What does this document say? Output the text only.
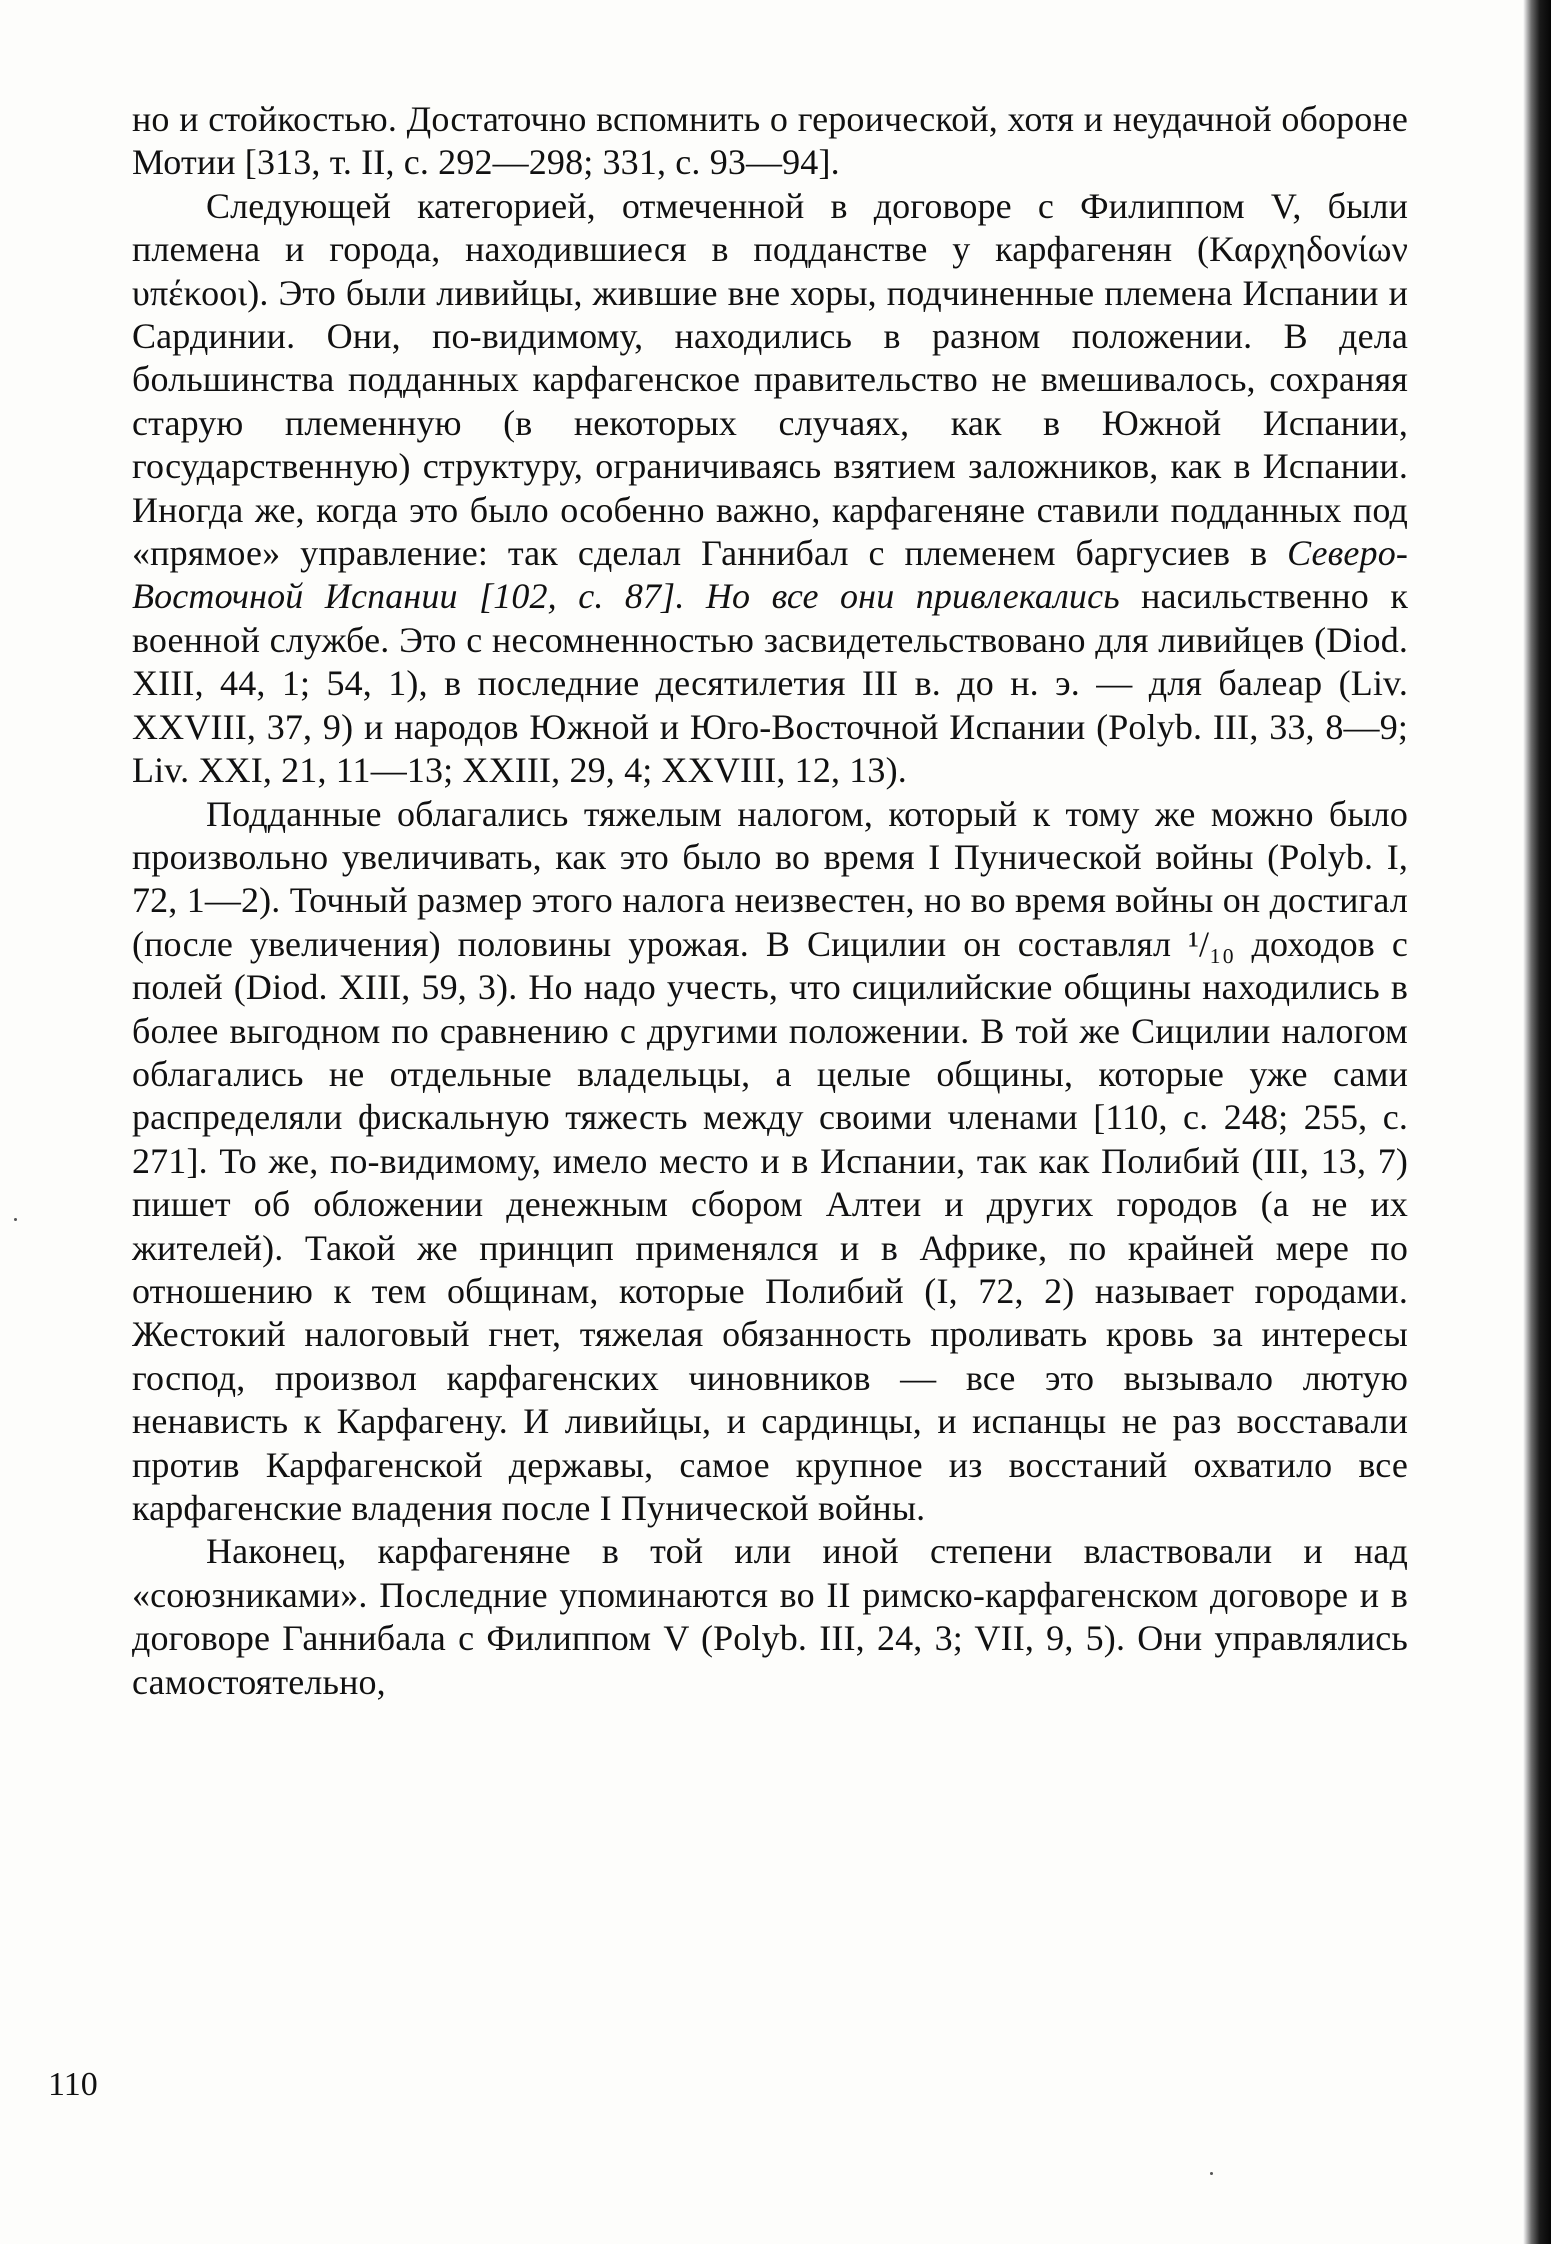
но и стойкостью. Достаточно вспомнить о героической, хотя и неудачной обороне Мотии [313, т. II, с. 292—298; 331, с. 93—94].

Следующей категорией, отмеченной в договоре с Филиппом V, были племена и города, находившиеся в подданстве у карфагенян (Καρχηδονίων υπέκοοι). Это были ливийцы, жившие вне хоры, подчиненные племена Испании и Сардинии. Они, по-видимому, находились в разном положении. В дела большинства подданных карфагенское правительство не вмешивалось, сохраняя старую племенную (в некоторых случаях, как в Южной Испании, государственную) структуру, ограничиваясь взятием заложников, как в Испании. Иногда же, когда это было особенно важно, карфагеняне ставили подданных под «прямое» управление: так сделал Ганнибал с племенем баргусиев в Северо-Восточной Испании [102, с. 87]. Но все они привлекались насильственно к военной службе. Это с несомненностью засвидетельствовано для ливийцев (Diod. XIII, 44, 1; 54, 1), в последние десятилетия III в. до н. э. — для балеар (Liv. XXVIII, 37, 9) и народов Южной и Юго-Восточной Испании (Polyb. III, 33, 8—9; Liv. XXI, 21, 11—13; XXIII, 29, 4; XXVIII, 12, 13).

Подданные облагались тяжелым налогом, который к тому же можно было произвольно увеличивать, как это было во время I Пунической войны (Polyb. I, 72, 1—2). Точный размер этого налога неизвестен, но во время войны он достигал (после увеличения) половины урожая. В Сицилии он составлял ¹/₁₀ доходов с полей (Diod. XIII, 59, 3). Но надо учесть, что сицилийские общины находились в более выгодном по сравнению с другими положении. В той же Сицилии налогом облагались не отдельные владельцы, а целые общины, которые уже сами распределяли фискальную тяжесть между своими членами [110, с. 248; 255, с. 271]. То же, по-видимому, имело место и в Испании, так как Полибий (III, 13, 7) пишет об обложении денежным сбором Алтеи и других городов (а не их жителей). Такой же принцип применялся и в Африке, по крайней мере по отношению к тем общинам, которые Полибий (I, 72, 2) называет городами. Жестокий налоговый гнет, тяжелая обязанность проливать кровь за интересы господ, произвол карфагенских чиновников — все это вызывало лютую ненависть к Карфагену. И ливийцы, и сардинцы, и испанцы не раз восставали против Карфагенской державы, самое крупное из восстаний охватило все карфагенские владения после I Пунической войны.

Наконец, карфагеняне в той или иной степени властвовали и над «союзниками». Последние упоминаются во II римско-карфагенском договоре и в договоре Ганнибала с Филиппом V (Polyb. III, 24, 3; VII, 9, 5). Они управлялись самостоятельно,

110
